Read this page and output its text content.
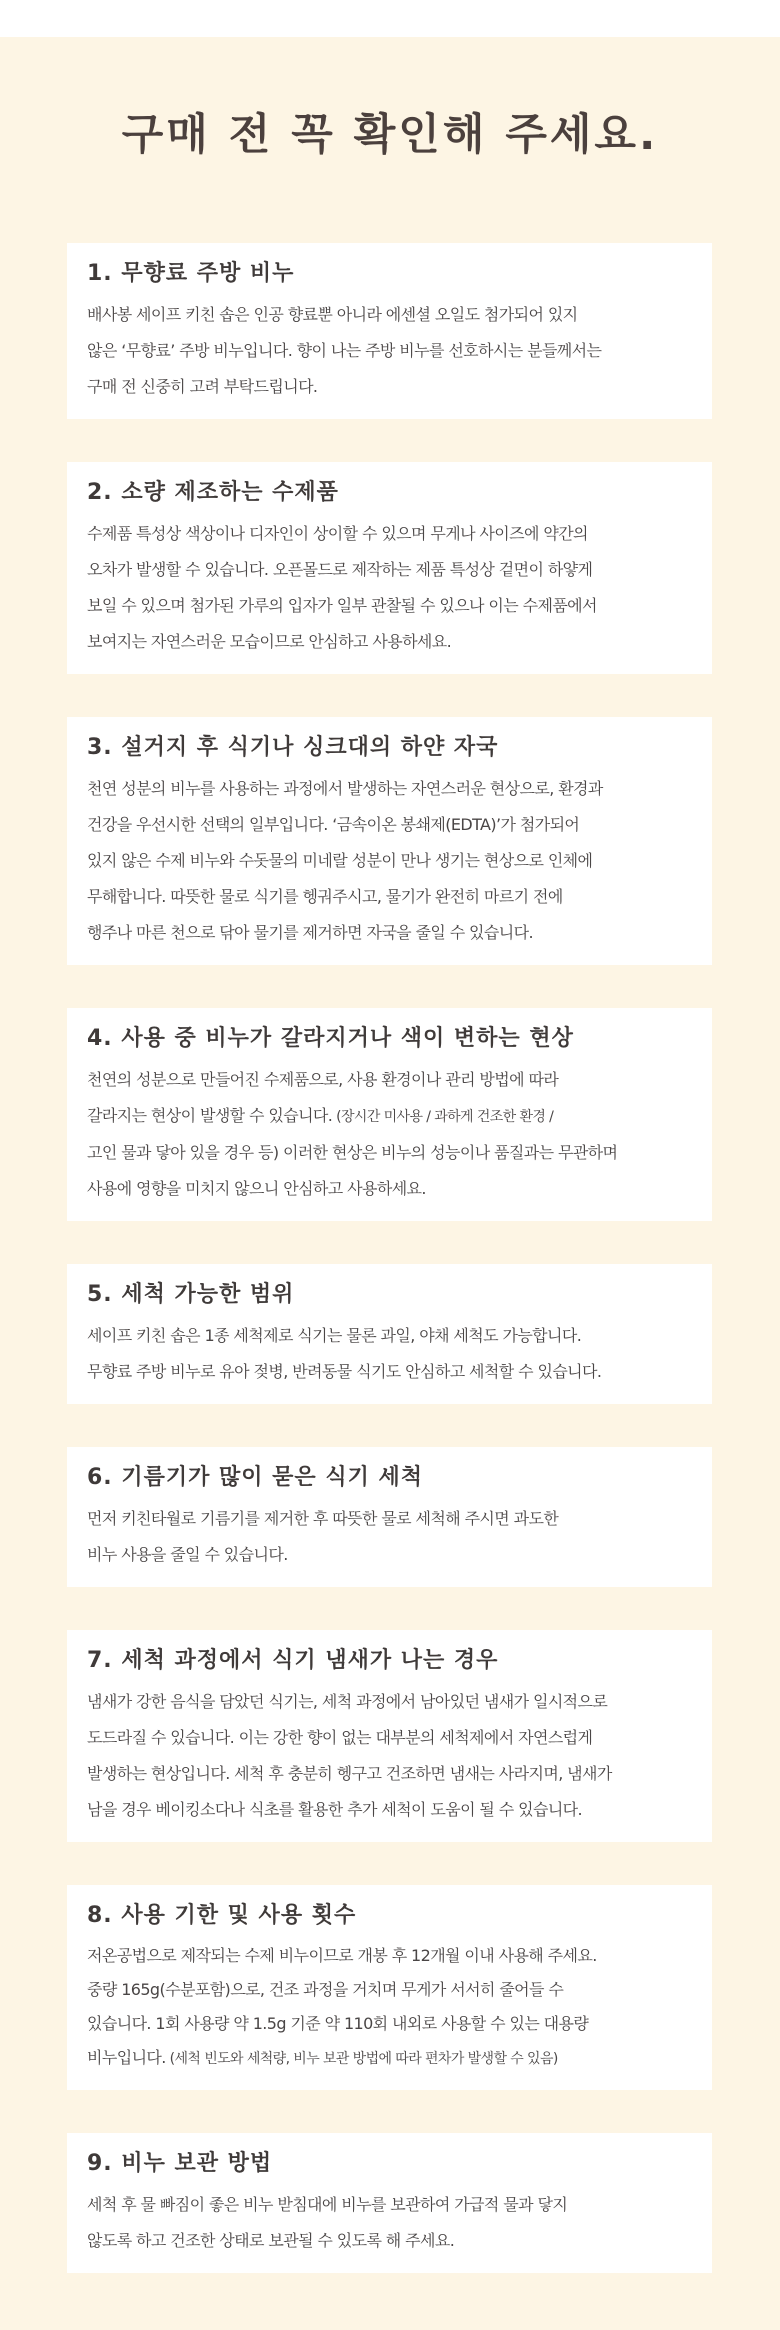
구매 전 꼭 확인해 주세요.
1. 무향료 주방 비누

배사봉 세이프 키친 솝은 인공 향료뿐 아니라 에센셜 오일도 첨가되어 있지
않은 ‘무향료’ 주방 비누입니다. 향이 나는 주방 비누를 선호하시는 분들께서는
구매 전 신중히 고려 부탁드립니다.

2. 소량 제조하는 수제품

수제품 특성상 색상이나 디자인이 상이할 수 있으며 무게나 사이즈에 약간의
오차가 발생할 수 있습니다. 오픈몰드로 제작하는 제품 특성상 겉면이 하얗게
보일 수 있으며 첨가된 가루의 입자가 일부 관찰될 수 있으나 이는 수제품에서
보여지는 자연스러운 모습이므로 안심하고 사용하세요.

3. 설거지 후 식기나 싱크대의 하얀 자국

천연 성분의 비누를 사용하는 과정에서 발생하는 자연스러운 현상으로, 환경과
건강을 우선시한 선택의 일부입니다. ‘금속이온 봉쇄제(EDTA)’가 첨가되어
있지 않은 수제 비누와 수돗물의 미네랄 성분이 만나 생기는 현상으로 인체에
무해합니다. 따뜻한 물로 식기를 헹궈주시고, 물기가 완전히 마르기 전에
행주나 마른 천으로 닦아 물기를 제거하면 자국을 줄일 수 있습니다.

4. 사용 중 비누가 갈라지거나 색이 변하는 현상

천연의 성분으로 만들어진 수제품으로, 사용 환경이나 관리 방법에 따라
갈라지는 현상이 발생할 수 있습니다. (장시간 미사용 / 과하게 건조한 환경 /
고인 물과 닿아 있을 경우 등) 이러한 현상은 비누의 성능이나 품질과는 무관하며
사용에 영향을 미치지 않으니 안심하고 사용하세요.

5. 세척 가능한 범위

세이프 키친 솝은 1종 세척제로 식기는 물론 과일, 야채 세척도 가능합니다.
무향료 주방 비누로 유아 젖병, 반려동물 식기도 안심하고 세척할 수 있습니다.

6. 기름기가 많이 묻은 식기 세척

먼저 키친타월로 기름기를 제거한 후 따뜻한 물로 세척해 주시면 과도한
비누 사용을 줄일 수 있습니다.

7. 세척 과정에서 식기 냄새가 나는 경우

냄새가 강한 음식을 담았던 식기는, 세척 과정에서 남아있던 냄새가 일시적으로
도드라질 수 있습니다. 이는 강한 향이 없는 대부분의 세척제에서 자연스럽게
발생하는 현상입니다. 세척 후 충분히 헹구고 건조하면 냄새는 사라지며, 냄새가
남을 경우 베이킹소다나 식초를 활용한 추가 세척이 도움이 될 수 있습니다.

8. 사용 기한 및 사용 횟수

저온공법으로 제작되는 수제 비누이므로 개봉 후 12개월 이내 사용해 주세요.
중량 165g(수분포함)으로, 건조 과정을 거치며 무게가 서서히 줄어들 수
있습니다. 1회 사용량 약 1.5g 기준 약 110회 내외로 사용할 수 있는 대용량
비누입니다. (세척 빈도와 세척량, 비누 보관 방법에 따라 편차가 발생할 수 있음)

9. 비누 보관 방법

세척 후 물 빠짐이 좋은 비누 받침대에 비누를 보관하여 가급적 물과 닿지
않도록 하고 건조한 상태로 보관될 수 있도록 해 주세요.
